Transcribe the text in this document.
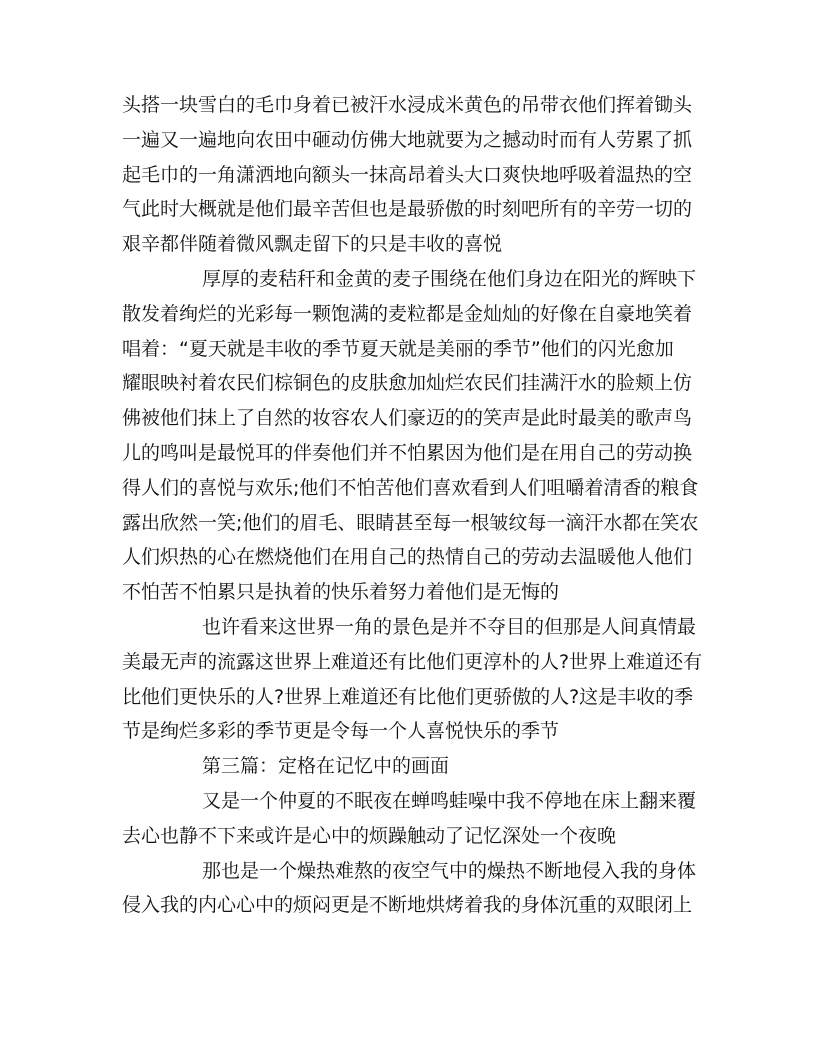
头搭一块雪白的毛巾身着已被汗水浸成米黄色的吊带衣他们挥着锄头
一遍又一遍地向农田中砸动仿佛大地就要为之撼动时而有人劳累了抓
起毛巾的一角潇洒地向额头一抹高昂着头大口爽快地呼吸着温热的空
气此时大概就是他们最辛苦但也是最骄傲的时刻吧所有的辛劳一切的
艰辛都伴随着微风飘走留下的只是丰收的喜悦
厚厚的麦秸秆和金黄的麦子围绕在他们身边在阳光的辉映下
散发着绚烂的光彩每一颗饱满的麦粒都是金灿灿的好像在自豪地笑着
唱着：“夏天就是丰收的季节夏天就是美丽的季节”他们的闪光愈加
耀眼映衬着农民们棕铜色的皮肤愈加灿烂农民们挂满汗水的脸颊上仿
佛被他们抹上了自然的妆容农人们豪迈的的笑声是此时最美的歌声鸟
儿的鸣叫是最悦耳的伴奏他们并不怕累因为他们是在用自己的劳动换
得人们的喜悦与欢乐;他们不怕苦他们喜欢看到人们咀嚼着清香的粮食
露出欣然一笑;他们的眉毛、眼睛甚至每一根皱纹每一滴汗水都在笑农
人们炽热的心在燃烧他们在用自己的热情自己的劳动去温暖他人他们
不怕苦不怕累只是执着的快乐着努力着他们是无悔的
也许看来这世界一角的景色是并不夺目的但那是人间真情最
美最无声的流露这世界上难道还有比他们更淳朴的人?世界上难道还有
比他们更快乐的人?世界上难道还有比他们更骄傲的人?这是丰收的季
节是绚烂多彩的季节更是令每一个人喜悦快乐的季节
第三篇：定格在记忆中的画面
又是一个仲夏的不眠夜在蝉鸣蛙噪中我不停地在床上翻来覆
去心也静不下来或许是心中的烦躁触动了记忆深处一个夜晚
那也是一个燥热难熬的夜空气中的燥热不断地侵入我的身体
侵入我的内心心中的烦闷更是不断地烘烤着我的身体沉重的双眼闭上
